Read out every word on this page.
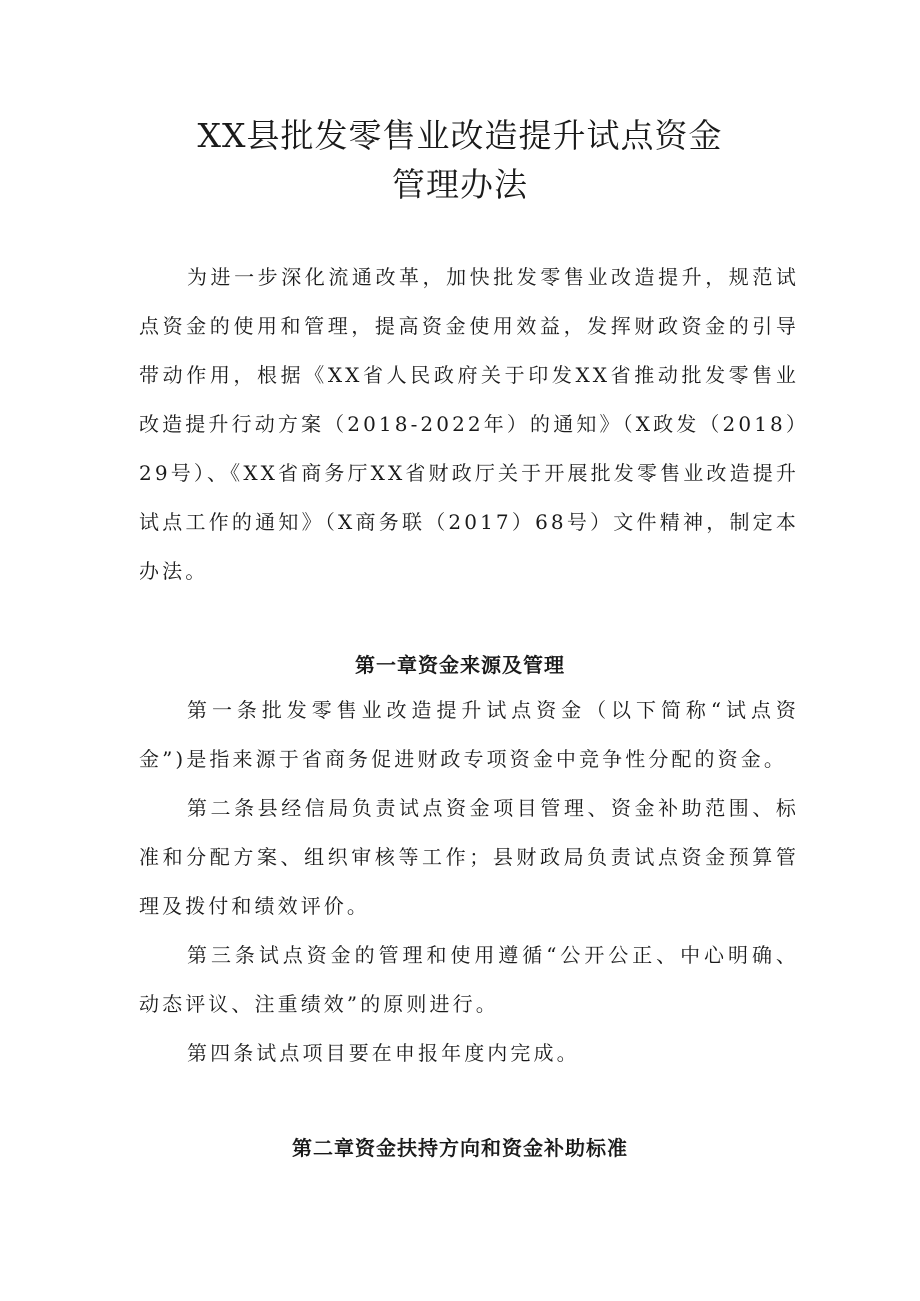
XX县批发零售业改造提升试点资金
管理办法
为进一步深化流通改革，加快批发零售业改造提升，规范试点资金的使用和管理，提高资金使用效益，发挥财政资金的引导带动作用，根据《XX省人民政府关于印发XX省推动批发零售业改造提升行动方案（2018-2022年）的通知》（X政发（2018）29号）、《XX省商务厅XX省财政厅关于开展批发零售业改造提升试点工作的通知》（X商务联（2017）68号）文件精神，制定本办法。
第一章资金来源及管理
第一条批发零售业改造提升试点资金（以下简称“试点资金”)是指来源于省商务促进财政专项资金中竞争性分配的资金。
第二条县经信局负责试点资金项目管理、资金补助范围、标准和分配方案、组织审核等工作；县财政局负责试点资金预算管理及拨付和绩效评价。
第三条试点资金的管理和使用遵循“公开公正、中心明确、动态评议、注重绩效”的原则进行。
第四条试点项目要在申报年度内完成。
第二章资金扶持方向和资金补助标准
